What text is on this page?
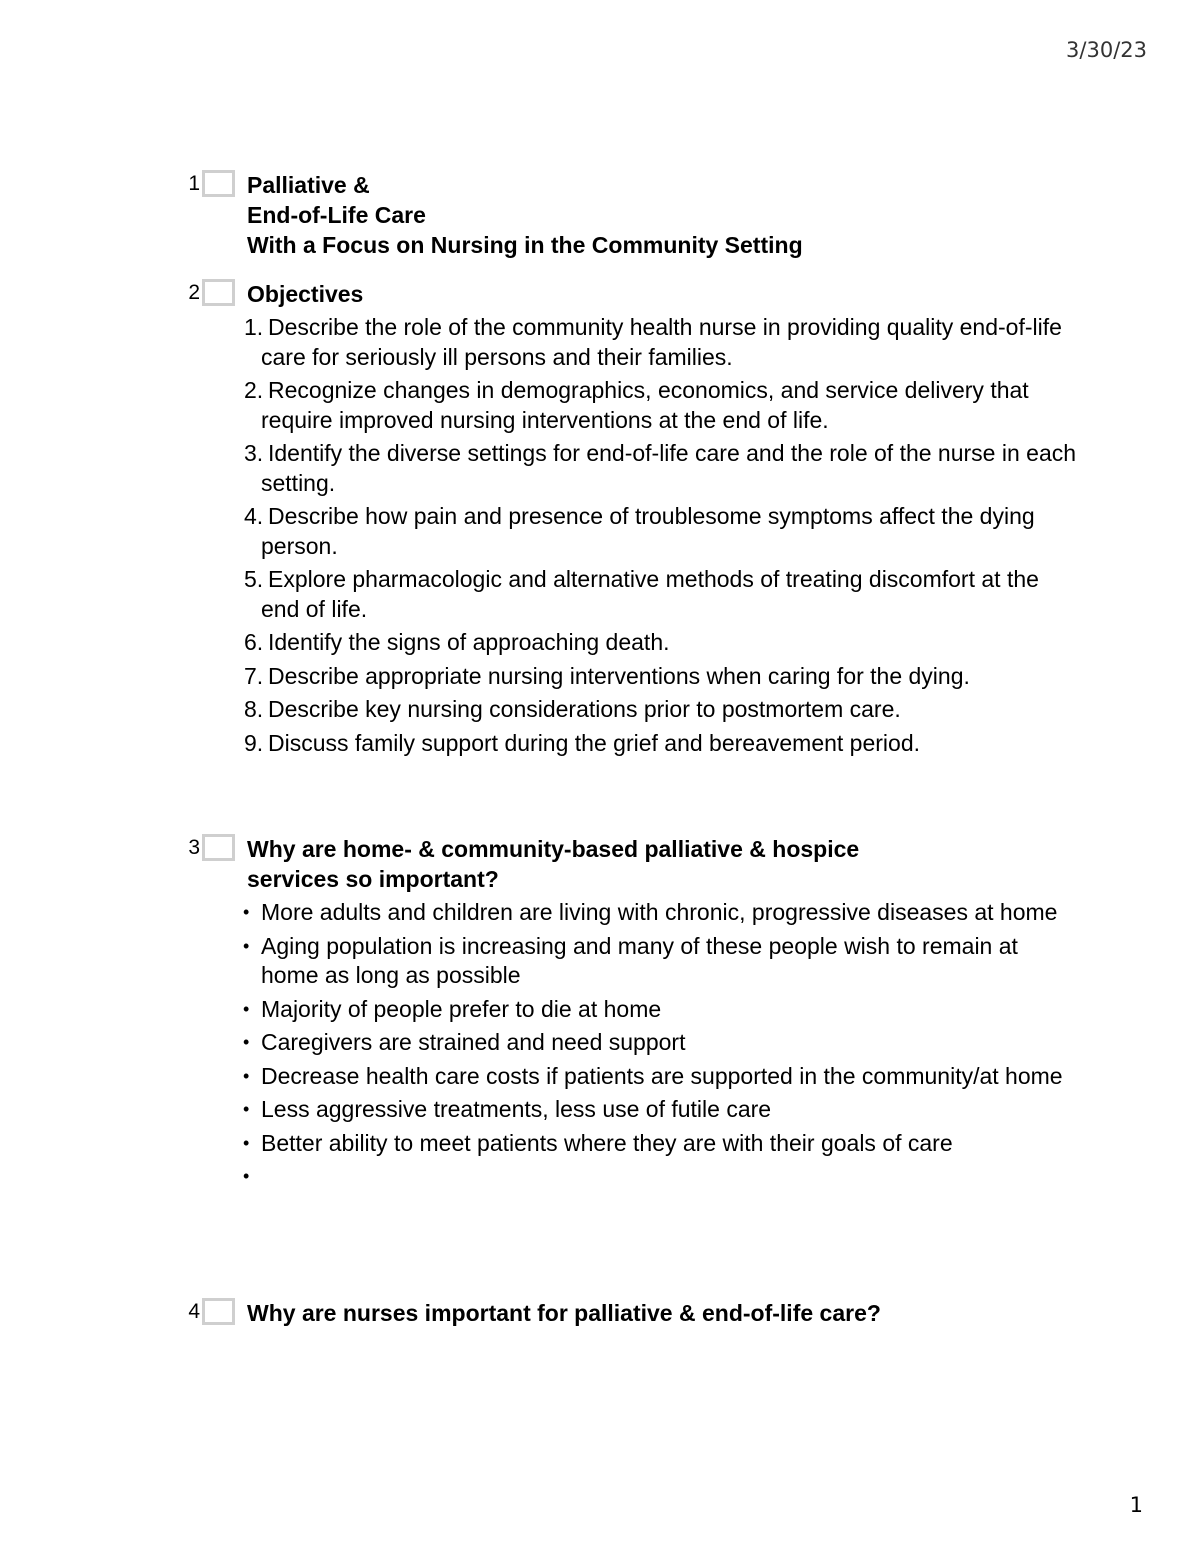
3/30/23
1 Palliative &

End-of-Life Care

With a Focus on Nursing in the Community Setting

2 Objectives

1. Describe the role of the community health nurse in providing quality end-of-life care for seriously ill persons and their families.
2. Recognize changes in demographics, economics, and service delivery that require improved nursing interventions at the end of life.
3. Identify the diverse settings for end-of-life care and the role of the nurse in each setting.
4. Describe how pain and presence of troublesome symptoms affect the dying person.
5. Explore pharmacologic and alternative methods of treating discomfort at the end of life.
6. Identify the signs of approaching death.
7. Describe appropriate nursing interventions when caring for the dying.
8. Describe key nursing considerations prior to postmortem care.
9. Discuss family support during the grief and bereavement period.
3 Why are home- & community-based palliative & hospice

services so important?

• More adults and children are living with chronic, progressive diseases at home
• Aging population is increasing and many of these people wish to remain at home as long as possible
• Majority of people prefer to die at home
• Caregivers are strained and need support
• Decrease health care costs if patients are supported in the community/at home
• Less aggressive treatments, less use of futile care
• Better ability to meet patients where they are with their goals of care
•
4 Why are nurses important for palliative & end-of-life care?

1
